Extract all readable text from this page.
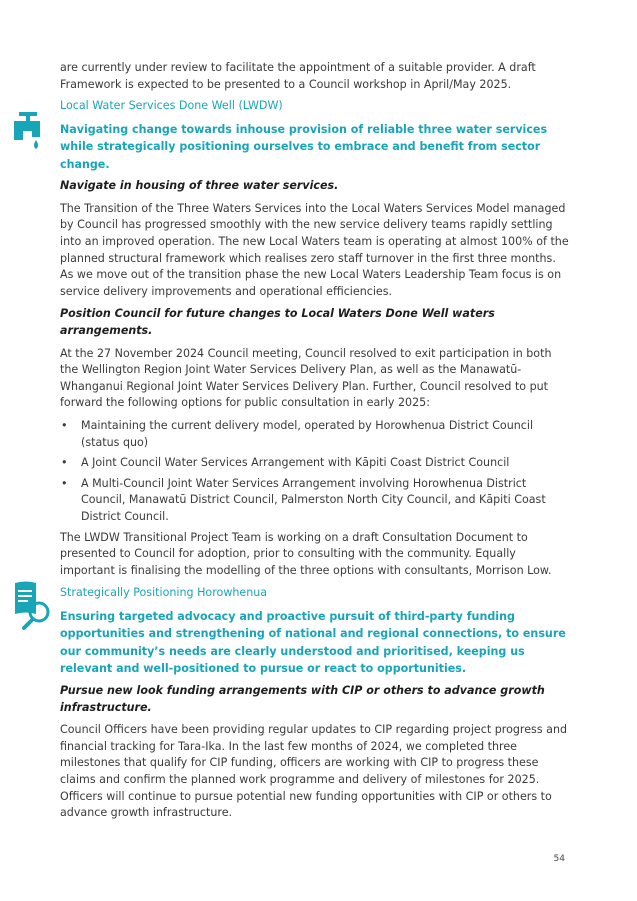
are currently under review to facilitate the appointment of a suitable provider. A draft Framework is expected to be presented to a Council workshop in April/May 2025.

Local Water Services Done Well (LWDW)

Navigating change towards inhouse provision of reliable three water services while strategically positioning ourselves to embrace and benefit from sector change.

Navigate in housing of three water services.

The Transition of the Three Waters Services into the Local Waters Services Model managed by Council has progressed smoothly with the new service delivery teams rapidly settling into an improved operation. The new Local Waters team is operating at almost 100% of the planned structural framework which realises zero staff turnover in the first three months. As we move out of the transition phase the new Local Waters Leadership Team focus is on service delivery improvements and operational efficiencies.

Position Council for future changes to Local Waters Done Well waters arrangements.

At the 27 November 2024 Council meeting, Council resolved to exit participation in both the Wellington Region Joint Water Services Delivery Plan, as well as the Manawatū-Whanganui Regional Joint Water Services Delivery Plan. Further, Council resolved to put forward the following options for public consultation in early 2025:

• Maintaining the current delivery model, operated by Horowhenua District Council (status quo)
• A Joint Council Water Services Arrangement with Kāpiti Coast District Council
• A Multi-Council Joint Water Services Arrangement involving Horowhenua District Council, Manawatū District Council, Palmerston North City Council, and Kāpiti Coast District Council.

The LWDW Transitional Project Team is working on a draft Consultation Document to presented to Council for adoption, prior to consulting with the community. Equally important is finalising the modelling of the three options with consultants, Morrison Low.

Strategically Positioning Horowhenua

Ensuring targeted advocacy and proactive pursuit of third-party funding opportunities and strengthening of national and regional connections, to ensure our community’s needs are clearly understood and prioritised, keeping us relevant and well-positioned to pursue or react to opportunities.

Pursue new look funding arrangements with CIP or others to advance growth infrastructure.

Council Officers have been providing regular updates to CIP regarding project progress and financial tracking for Tara-Ika. In the last few months of 2024, we completed three milestones that qualify for CIP funding, officers are working with CIP to progress these claims and confirm the planned work programme and delivery of milestones for 2025. Officers will continue to pursue potential new funding opportunities with CIP or others to advance growth infrastructure.

54
